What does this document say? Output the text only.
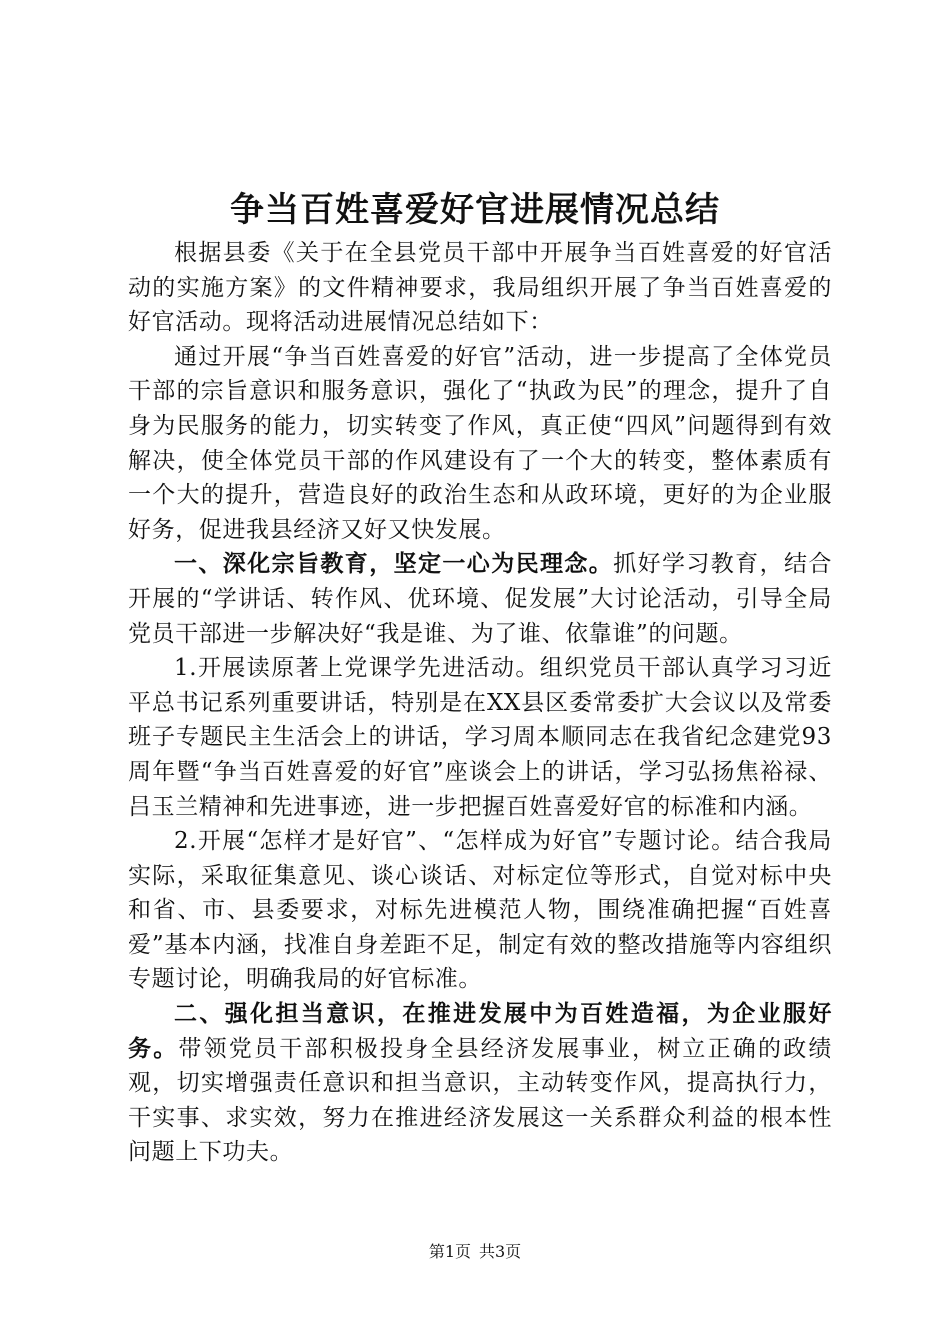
争当百姓喜爱好官进展情况总结

根据县委《关于在全县党员干部中开展争当百姓喜爱的好官活动的实施方案》的文件精神要求，我局组织开展了争当百姓喜爱的好官活动。现将活动进展情况总结如下：

通过开展“争当百姓喜爱的好官”活动，进一步提高了全体党员干部的宗旨意识和服务意识，强化了“执政为民”的理念，提升了自身为民服务的能力，切实转变了作风，真正使“四风”问题得到有效解决，使全体党员干部的作风建设有了一个大的转变，整体素质有一个大的提升，营造良好的政治生态和从政环境，更好的为企业服好务，促进我县经济又好又快发展。

一、深化宗旨教育，坚定一心为民理念。抓好学习教育，结合开展的“学讲话、转作风、优环境、促发展”大讨论活动，引导全局党员干部进一步解决好“我是谁、为了谁、依靠谁”的问题。

1.开展读原著上党课学先进活动。组织党员干部认真学习习近平总书记系列重要讲话，特别是在XX县区委常委扩大会议以及常委班子专题民主生活会上的讲话，学习周本顺同志在我省纪念建党93周年暨“争当百姓喜爱的好官”座谈会上的讲话，学习弘扬焦裕禄、吕玉兰精神和先进事迹，进一步把握百姓喜爱好官的标准和内涵。

2.开展“怎样才是好官”、“怎样成为好官”专题讨论。结合我局实际，采取征集意见、谈心谈话、对标定位等形式，自觉对标中央和省、市、县委要求，对标先进模范人物，围绕准确把握“百姓喜爱”基本内涵，找准自身差距不足，制定有效的整改措施等内容组织专题讨论，明确我局的好官标准。

二、强化担当意识，在推进发展中为百姓造福，为企业服好务。带领党员干部积极投身全县经济发展事业，树立正确的政绩观，切实增强责任意识和担当意识，主动转变作风，提高执行力，干实事、求实效，努力在推进经济发展这一关系群众利益的根本性问题上下功夫。

第1页 共3页
